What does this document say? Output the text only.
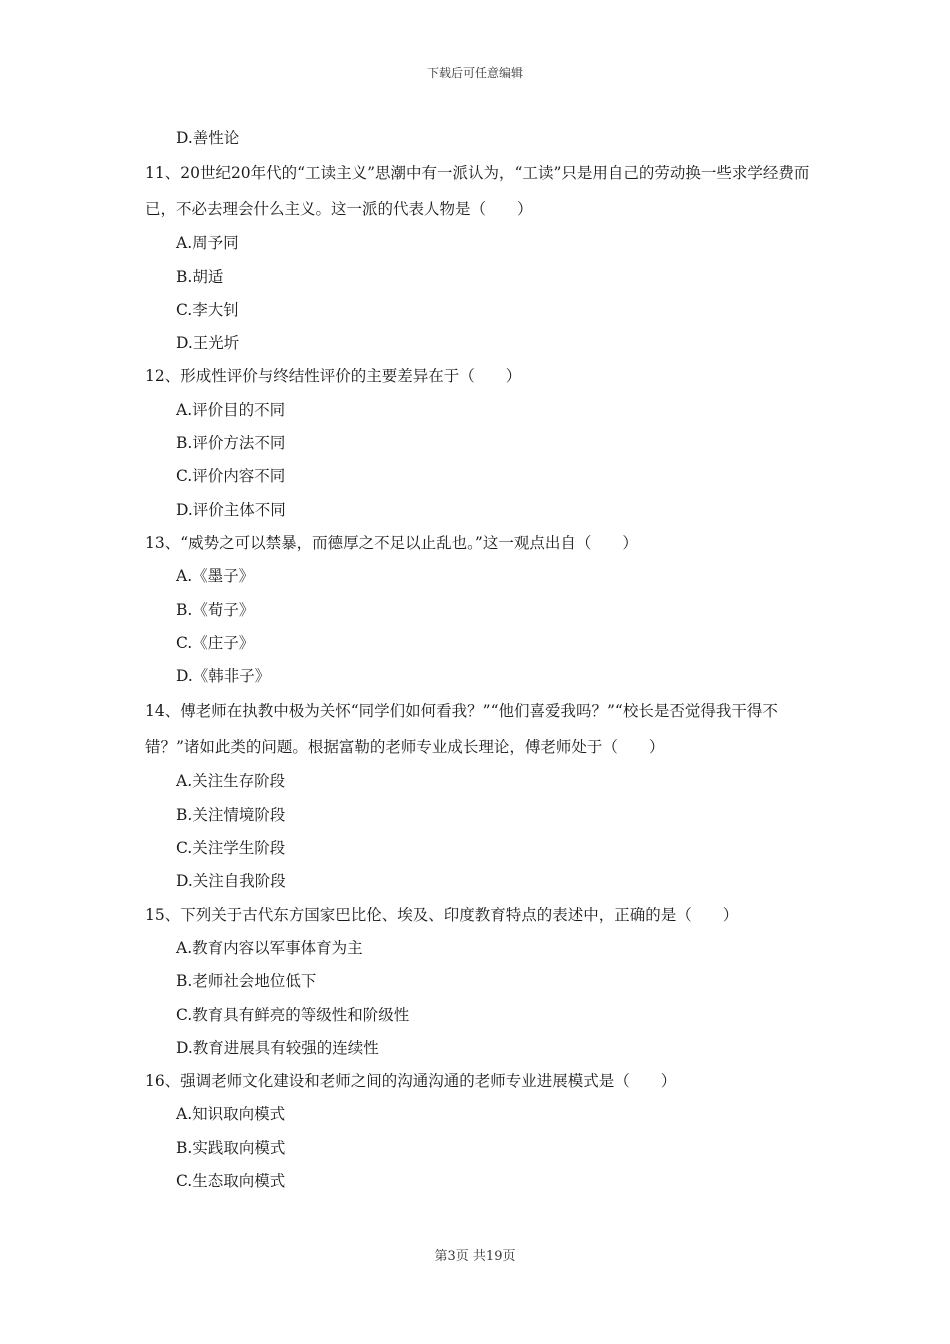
下载后可任意编辑
D.善性论
11、20世纪20年代的“工读主义”思潮中有一派认为，“工读”只是用自己的劳动换一些求学经费而已，不必去理会什么主义。这一派的代表人物是（　　）
A.周予同
B.胡适
C.李大钊
D.王光圻
12、形成性评价与终结性评价的主要差异在于（　　）
A.评价目的不同
B.评价方法不同
C.评价内容不同
D.评价主体不同
13、“威势之可以禁暴，而德厚之不足以止乱也。”这一观点出自（　　）
A.《墨子》
B.《荀子》
C.《庄子》
D.《韩非子》
14、傅老师在执教中极为关怀“同学们如何看我？”“他们喜爱我吗？”“校长是否觉得我干得不错？”诸如此类的问题。根据富勒的老师专业成长理论，傅老师处于（　　）
A.关注生存阶段
B.关注情境阶段
C.关注学生阶段
D.关注自我阶段
15、下列关于古代东方国家巴比伦、埃及、印度教育特点的表述中，正确的是（　　）
A.教育内容以军事体育为主
B.老师社会地位低下
C.教育具有鲜亮的等级性和阶级性
D.教育进展具有较强的连续性
16、强调老师文化建设和老师之间的沟通沟通的老师专业进展模式是（　　）
A.知识取向模式
B.实践取向模式
C.生态取向模式
第3页 共19页
